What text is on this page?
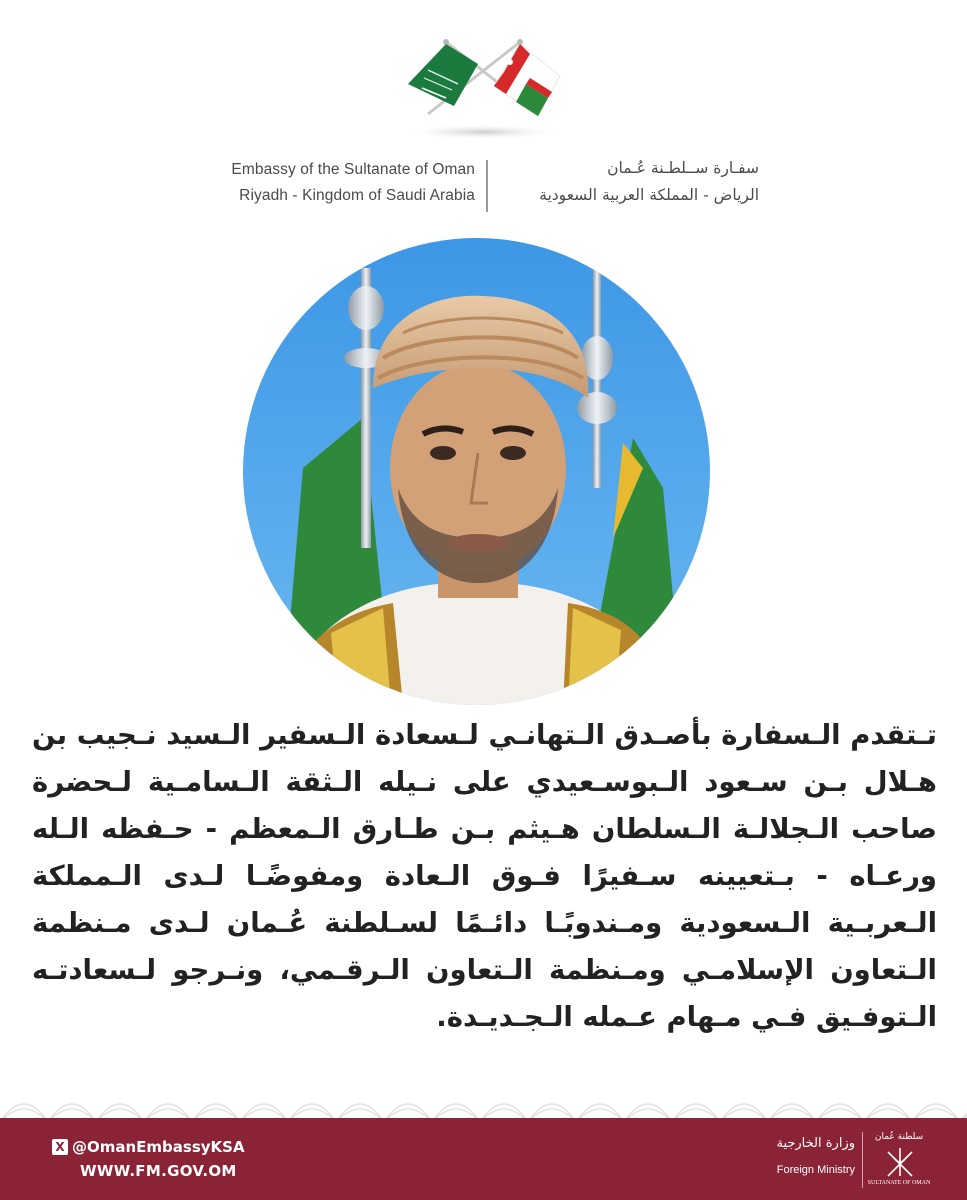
Embassy of the Sultanate of Oman
Riyadh - Kingdom of Saudi Arabia
سفـارة ســلطـنة عُـمان
الرياض - المملكة العربية السعودية
تـتقدم الـسفارة بأصـدق الـتهانـي لـسعادة الـسفير الـسيد نـجيب بن هـلال بـن سـعود الـبوسـعيدي على نـيله الـثقة الـسامـية لـحضرة صاحب الـجلالـة الـسلطان هـيثم بـن طـارق الـمعظم - حـفظه الـله ورعـاه - بـتعيينه سـفيرًا فـوق الـعادة ومفوضًـا لـدى الـمملكة الـعربـية الـسعودية ومـندوبًـا دائـمًا لسـلطنة عُـمان لـدى مـنظمة الـتعاون الإسلامـي ومـنظمة الـتعاون الـرقـمي، ونـرجو لـسعادتـه الـتوفـيق فـي مـهام عـمله الـجـديـدة.
X @OmanEmbassyKSA
WWW.FM.GOV.OM
وزارة الخارجية
Foreign Ministry
سلطنة عُمان
SULTANATE OF OMAN
